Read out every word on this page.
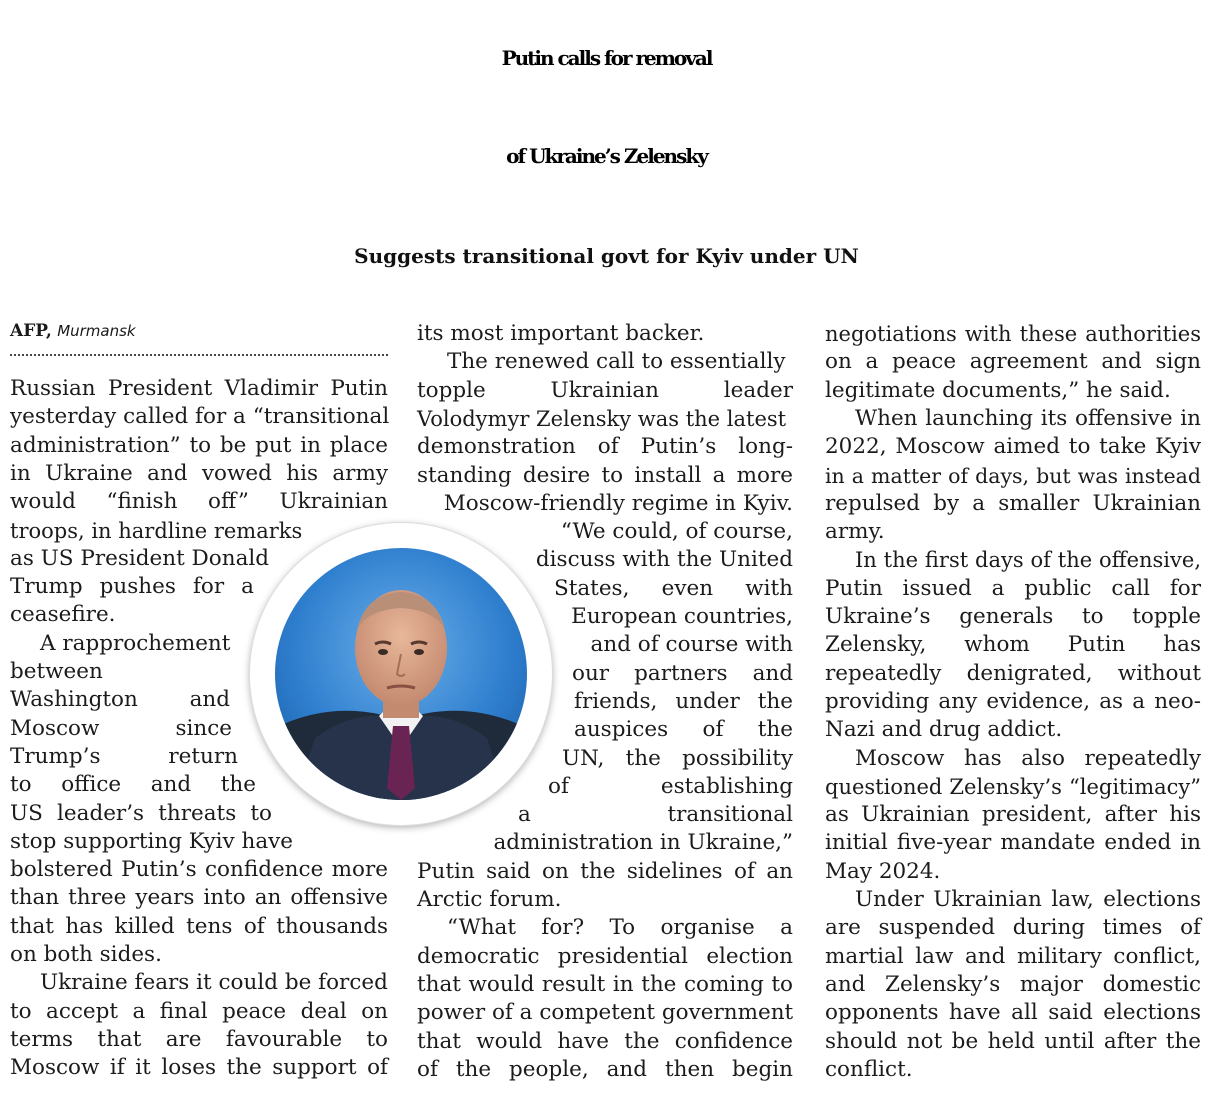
Putin calls for removal
of Ukraine’s Zelensky
Suggests transitional govt for Kyiv under UN
AFP, Murmansk
Russian President Vladimir Putin
yesterday called for a “transitional
administration” to be put in place
in Ukraine and vowed his army
would “finish off” Ukrainian
troops, in hardline remarks
as US President Donald
Trump pushes for a
ceasefire.
A rapprochement
between
Washington and
Moscow since
Trump’s return
to office and the
US leader’s threats to
stop supporting Kyiv have
bolstered Putin’s confidence more
than three years into an offensive
that has killed tens of thousands
on both sides.
Ukraine fears it could be forced
to accept a final peace deal on
terms that are favourable to
Moscow if it loses the support of
its most important backer.
The renewed call to essentially
topple Ukrainian leader
Volodymyr Zelensky was the latest
demonstration of Putin’s long-
standing desire to install a more
Moscow-friendly regime in Kyiv.
“We could, of course,
discuss with the United
States, even with
European countries,
and of course with
our partners and
friends, under the
auspices of the
UN, the possibility
of establishing
a transitional
administration in Ukraine,”
Putin said on the sidelines of an
Arctic forum.
“What for? To organise a
democratic presidential election
that would result in the coming to
power of a competent government
that would have the confidence
of the people, and then begin
negotiations with these authorities
on a peace agreement and sign
legitimate documents,” he said.
When launching its offensive in
2022, Moscow aimed to take Kyiv
in a matter of days, but was instead
repulsed by a smaller Ukrainian
army.
In the first days of the offensive,
Putin issued a public call for
Ukraine’s generals to topple
Zelensky, whom Putin has
repeatedly denigrated, without
providing any evidence, as a neo-
Nazi and drug addict.
Moscow has also repeatedly
questioned Zelensky’s “legitimacy”
as Ukrainian president, after his
initial five-year mandate ended in
May 2024.
Under Ukrainian law, elections
are suspended during times of
martial law and military conflict,
and Zelensky’s major domestic
opponents have all said elections
should not be held until after the
conflict.
